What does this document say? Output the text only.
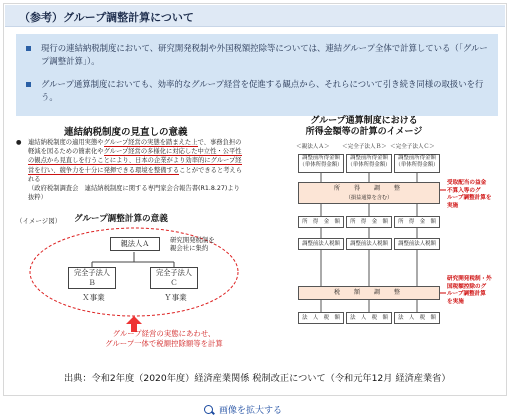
（参考）グループ調整計算について
現行の連結納税制度において、研究開発税制や外国税額控除等については、連結グループ全体で計算している（「グループ調整計算」）。
グループ通算制度においても、効率的なグループ経営を促進する観点から、それらについて引き続き同様の取扱いを行う。
連結納税制度の見直しの意義
●	連結納税制度の適用実態やグループ経営の実態を踏まえた上で、事務負担の軽減を図るための簡素化やグループ経営の多様化に対応した中立性・公平性の観点から見直しを行うことにより、日本の企業がより効率的にグループ経営を行い、競争力を十分に発揮できる環境を整備することができると考えられる
（政府税制調査会　連結納税制度に関する専門家会合報告書(R1.8.27)より抜粋）
（イメージ図） グループ調整計算の意義
親法人Ａ	研究開発税制を
親会社に集約
完全子法人
Ｂ
完全子法人
Ｃ
Ｘ事業	Ｙ事業
グループ経営の実態にあわせ、
グループ一体で税額控除額等を計算
グループ通算制度における
所得金額等の計算のイメージ
＜親法人Ａ＞ ＜完全子法人Ｂ＞ ＜完全子法人Ｃ＞
調整前所得金額
（単体所得金額）
調整前所得金額
（単体所得金額）
調整前所得金額
（単体所得金額）
所　得　調　整
（損益通算を含む）
所　得　金　額	所　得　金　額	所　得　金　額
調整前法人税額	調整前法人税額	調整前法人税額
税　額　調　整
法　人　税　額	法　人　税　額	法　人　税　額
受取配当の益金
不算入等のグ
ループ調整計算を
実施
研究開発税制・外
国税額控除のグ
ループ調整計算
を実施
出典：令和2年度（2020年度）経済産業関係 税制改正について（令和元年12月 経済産業省）
画像を拡大する
